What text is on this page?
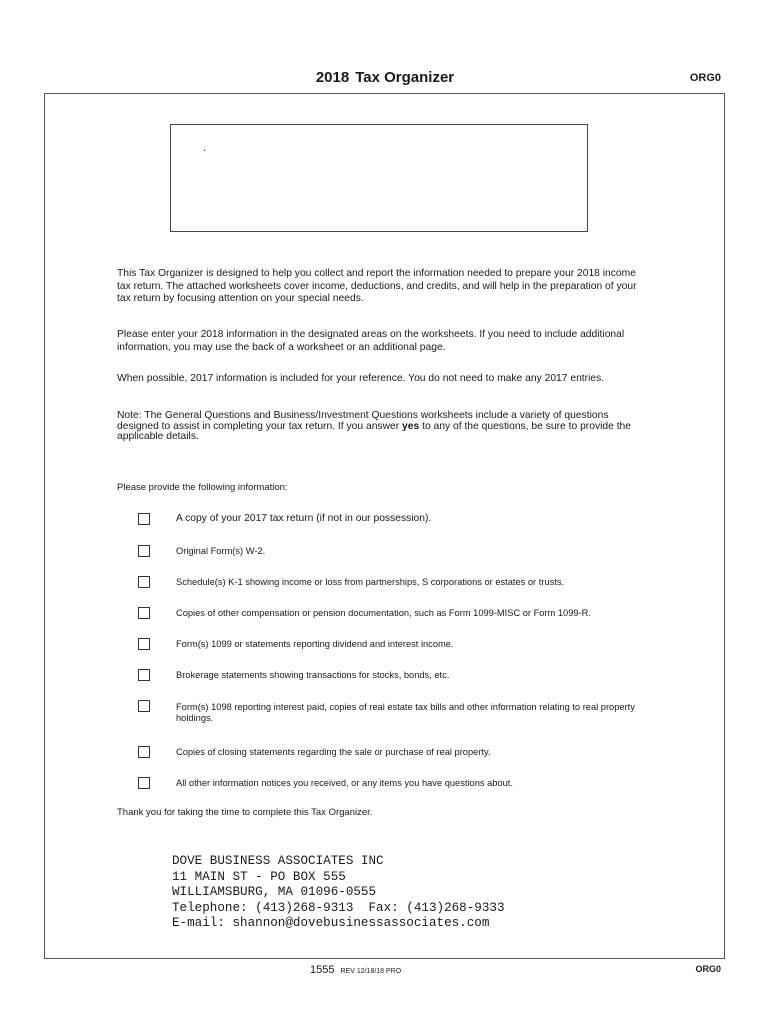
2018 Tax Organizer	ORG0
.
This Tax Organizer is designed to help you collect and report the information needed to prepare your 2018 income tax return. The attached worksheets cover income, deductions, and credits, and will help in the preparation of your tax return by focusing attention on your special needs.
Please enter your 2018 information in the designated areas on the worksheets. If you need to include additional information, you may use the back of a worksheet or an additional page.
When possible, 2017 information is included for your reference. You do not need to make any 2017 entries.
Note: The General Questions and Business/Investment Questions worksheets include a variety of questions designed to assist in completing your tax return. If you answer yes to any of the questions, be sure to provide the applicable details.
Please provide the following information:
A copy of your 2017 tax return (if not in our possession).
Original Form(s) W-2.
Schedule(s) K-1 showing income or loss from partnerships, S corporations or estates or trusts.
Copies of other compensation or pension documentation, such as Form 1099-MISC or Form 1099-R.
Form(s) 1099 or statements reporting dividend and interest income.
Brokerage statements showing transactions for stocks, bonds, etc.
Form(s) 1098 reporting interest paid, copies of real estate tax bills and other information relating to real property holdings.
Copies of closing statements regarding the sale or purchase of real property.
All other information notices you received, or any items you have questions about.
Thank you for taking the time to complete this Tax Organizer.
DOVE BUSINESS ASSOCIATES INC
11 MAIN ST - PO BOX 555
WILLIAMSBURG, MA 01096-0555
Telephone: (413)268-9313  Fax: (413)268-9333
E-mail: shannon@dovebusinessassociates.com
1555 REV 12/18/18 PRO	ORG0
